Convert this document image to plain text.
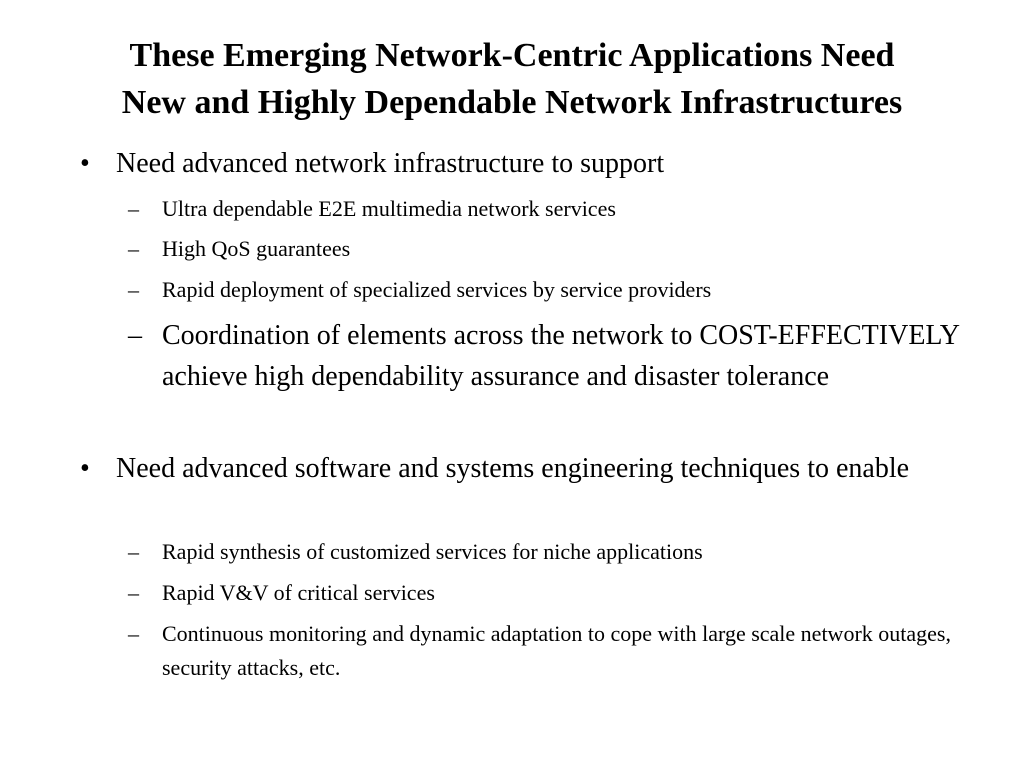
These Emerging Network-Centric Applications Need
New and Highly Dependable Network Infrastructures
• Need advanced network infrastructure to support
– Ultra dependable E2E multimedia network services
– High QoS guarantees
– Rapid deployment of specialized services by service providers
– Coordination of elements across the network to COST-EFFECTIVELY achieve high dependability assurance and disaster tolerance
• Need advanced software and systems engineering techniques to enable
– Rapid synthesis of customized services for niche applications
– Rapid V&V of critical services
– Continuous monitoring and dynamic adaptation to cope with large scale network outages, security attacks, etc.
